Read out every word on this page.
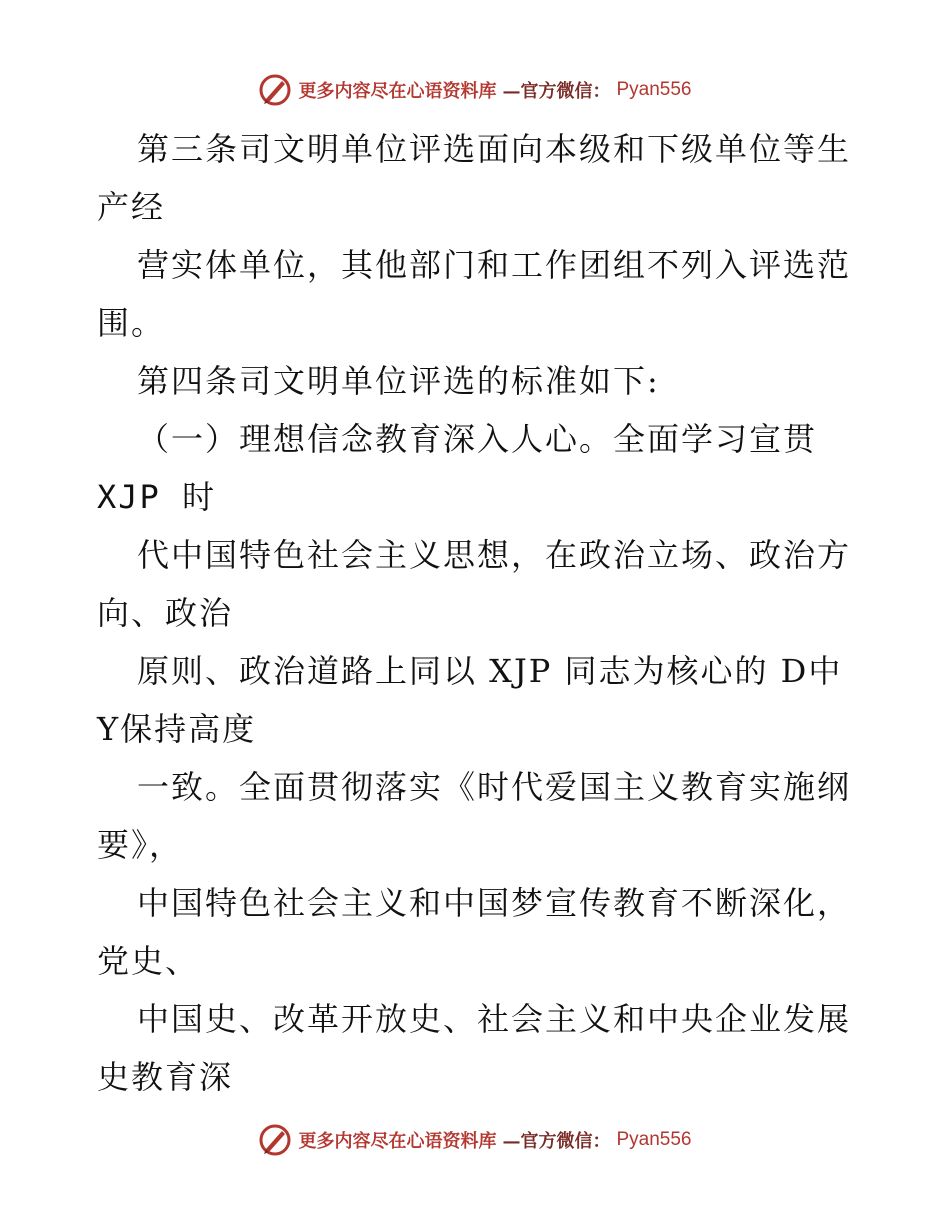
更多内容尽在心语资料库 —官方微信： Pyan556
第三条司文明单位评选面向本级和下级单位等生
产经
营实体单位，其他部门和工作团组不列入评选范
围。
第四条司文明单位评选的标准如下:
（一）理想信念教育深入人心。全面学习宣贯
XJP 时
代中国特色社会主义思想，在政治立场、政治方
向、政治
原则、政治道路上同以 XJP 同志为核心的 D中
Y保持高度
一致。全面贯彻落实《时代爱国主义教育实施纲
要》，
中国特色社会主义和中国梦宣传教育不断深化，
党史、
中国史、改革开放史、社会主义和中央企业发展
史教育深
更多内容尽在心语资料库 —官方微信： Pyan556
